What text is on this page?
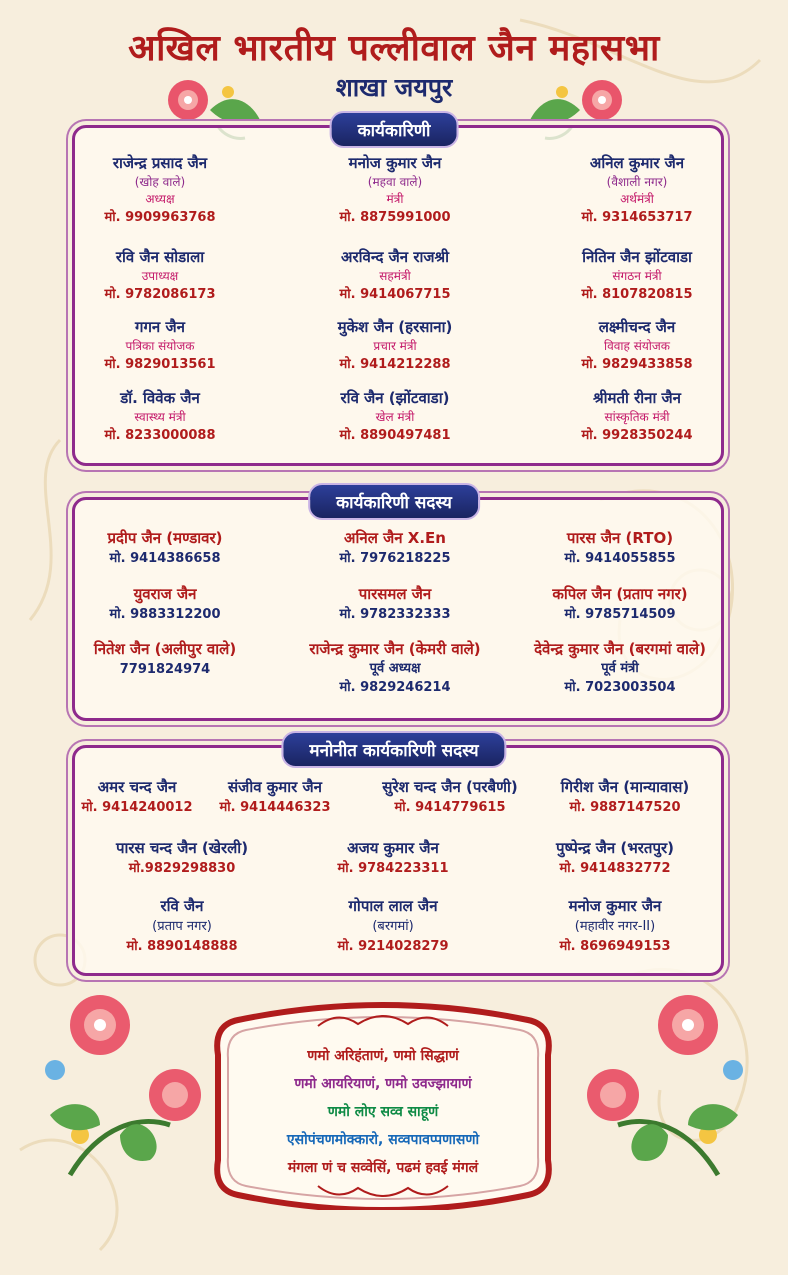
अखिल भारतीय पल्लीवाल जैन महासभा
शाखा जयपुर
कार्यकारिणी
राजेन्द्र प्रसाद जैन
(खोह वाले)
अध्यक्ष
मो. 9909963768
मनोज कुमार जैन
(महवा वाले)
मंत्री
मो. 8875991000
अनिल कुमार जैन
(वैशाली नगर)
अर्थमंत्री
मो. 9314653717
रवि जैन सोडाला
उपाध्यक्ष
मो. 9782086173
अरविन्द जैन राजश्री
सहमंत्री
मो. 9414067715
नितिन जैन झोंटवाडा
संगठन मंत्री
मो. 8107820815
गगन जैन
पत्रिका संयोजक
मो. 9829013561
मुकेश जैन (हरसाना)
प्रचार मंत्री
मो. 9414212288
लक्ष्मीचन्द जैन
विवाह संयोजक
मो. 9829433858
डॉ. विवेक जैन
स्वास्थ्य मंत्री
मो. 8233000088
रवि जैन (झोंटवाडा)
खेल मंत्री
मो. 8890497481
श्रीमती रीना जैन
सांस्कृतिक मंत्री
मो. 9928350244
कार्यकारिणी सदस्य
प्रदीप जैन (मण्डावर)
मो. 9414386658
अनिल जैन X.En
मो. 7976218225
पारस जैन (RTO)
मो. 9414055855
युवराज जैन
मो. 9883312200
पारसमल जैन
मो. 9782332333
कपिल जैन (प्रताप नगर)
मो. 9785714509
नितेश जैन (अलीपुर वाले)
7791824974
राजेन्द्र कुमार जैन (केमरी वाले)
पूर्व अध्यक्ष
मो. 9829246214
देवेन्द्र कुमार जैन (बरगमां वाले)
पूर्व मंत्री
मो. 7023003504
मनोनीत कार्यकारिणी सदस्य
अमर चन्द जैन
मो. 9414240012
संजीव कुमार जैन
मो. 9414446323
सुरेश चन्द जैन (परबैणी)
मो. 9414779615
गिरीश जैन (मान्यावास)
मो. 9887147520
पारस चन्द जैन (खेरली)
मो.9829298830
अजय कुमार जैन
मो. 9784223311
पुष्पेन्द्र जैन (भरतपुर)
मो. 9414832772
रवि जैन
(प्रताप नगर)
मो. 8890148888
गोपाल लाल जैन
(बरगमां)
मो. 9214028279
मनोज कुमार जैन
(महावीर नगर-II)
मो. 8696949153
णमो अरिहंताणं, णमो सिद्धाणं
णमो आयरियाणं, णमो उवज्झायाणं
णमो लोए सव्व साहूणं
एसोपंचणमोक्कारो, सव्वपावप्पणासणो
मंगला णं च सव्वेसिं, पढमं हवई मंगलं
